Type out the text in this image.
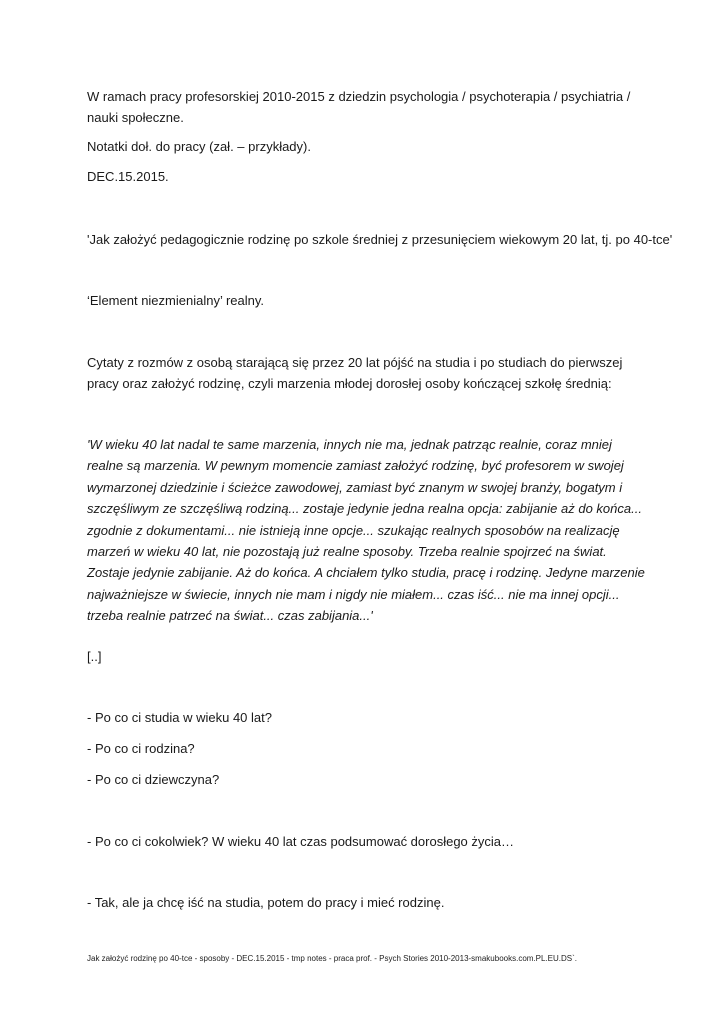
W ramach pracy profesorskiej 2010-2015 z dziedzin psychologia / psychoterapia / psychiatria / nauki społeczne.

Notatki doł. do pracy (zał. – przykłady).

DEC.15.2015.

'Jak założyć pedagogicznie rodzinę po szkole średniej z przesunięciem wiekowym 20 lat, tj. po 40-tce'

‘Element niezmienialny’ realny.

Cytaty z rozmów z osobą starającą się przez 20 lat pójść na studia i po studiach do pierwszej pracy oraz założyć rodzinę, czyli marzenia młodej dorosłej osoby kończącej szkołę średnią:

'W wieku 40 lat nadal te same marzenia, innych nie ma, jednak patrząc realnie, coraz mniej realne są marzenia. W pewnym momencie zamiast założyć rodzinę, być profesorem w swojej wymarzonej dziedzinie i ścieżce zawodowej, zamiast być znanym w swojej branży, bogatym i szczęśliwym ze szczęśliwą rodziną... zostaje jedynie jedna realna opcja: zabijanie aż do końca... zgodnie z dokumentami... nie istnieją inne opcje... szukając realnych sposobów na realizację marzeń w wieku 40 lat, nie pozostają już realne sposoby. Trzeba realnie spojrzeć na świat. Zostaje jedynie zabijanie. Aż do końca. A chciałem tylko studia, pracę i rodzinę. Jedyne marzenie najważniejsze w świecie, innych nie mam i nigdy nie miałem... czas iść... nie ma innej opcji... trzeba realnie patrzeć na świat... czas zabijania...'

[..]

- Po co ci studia w wieku 40 lat?

- Po co ci rodzina?

- Po co ci dziewczyna?

- Po co ci cokolwiek? W wieku 40 lat czas podsumować dorosłego życia…

- Tak, ale ja chcę iść na studia, potem do pracy i mieć rodzinę.

Jak założyć rodzinę po 40-tce - sposoby - DEC.15.2015 - tmp notes - praca prof. - Psych Stories 2010-2013-smakubooks.com.PL.EU.DS`.
